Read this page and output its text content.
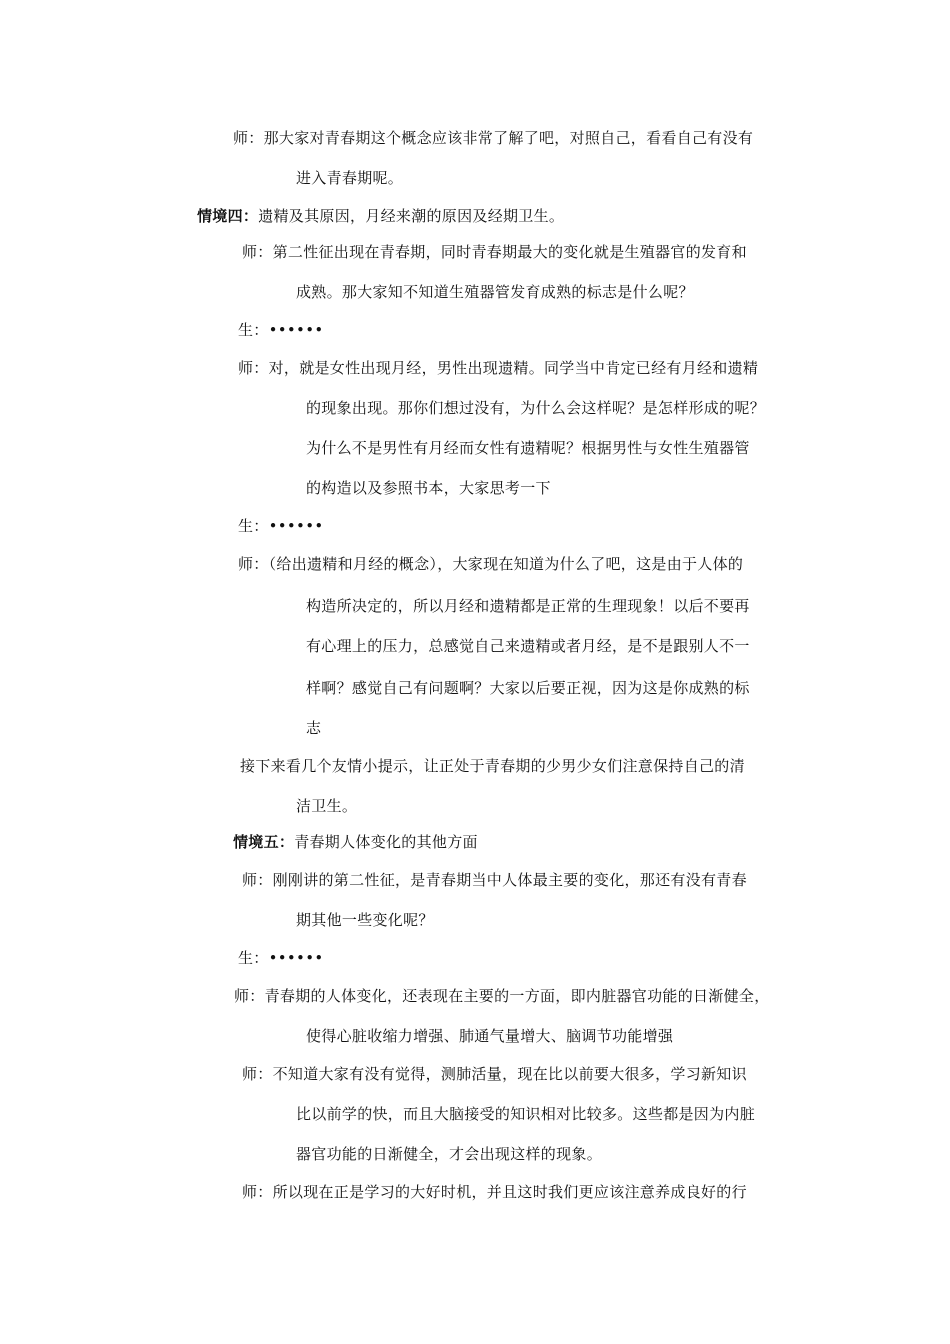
师：那大家对青春期这个概念应该非常了解了吧，对照自己，看看自己有没有
进入青春期呢。
情境四：遗精及其原因，月经来潮的原因及经期卫生。
师：第二性征出现在青春期，同时青春期最大的变化就是生殖器官的发育和
成熟。那大家知不知道生殖器管发育成熟的标志是什么呢？
生：••••••
师：对，就是女性出现月经，男性出现遗精。同学当中肯定已经有月经和遗精
的现象出现。那你们想过没有，为什么会这样呢？是怎样形成的呢？
为什么不是男性有月经而女性有遗精呢？根据男性与女性生殖器管
的构造以及参照书本，大家思考一下
生：••••••
师：（给出遗精和月经的概念），大家现在知道为什么了吧，这是由于人体的
构造所决定的，所以月经和遗精都是正常的生理现象！以后不要再
有心理上的压力，总感觉自己来遗精或者月经，是不是跟别人不一
样啊？感觉自己有问题啊？大家以后要正视，因为这是你成熟的标
志
接下来看几个友情小提示，让正处于青春期的少男少女们注意保持自己的清
洁卫生。
情境五：青春期人体变化的其他方面
师：刚刚讲的第二性征，是青春期当中人体最主要的变化，那还有没有青春
期其他一些变化呢？
生：••••••
师：青春期的人体变化，还表现在主要的一方面，即内脏器官功能的日渐健全，
使得心脏收缩力增强、肺通气量增大、脑调节功能增强
师：不知道大家有没有觉得，测肺活量，现在比以前要大很多，学习新知识
比以前学的快，而且大脑接受的知识相对比较多。这些都是因为内脏
器官功能的日渐健全，才会出现这样的现象。
师：所以现在正是学习的大好时机，并且这时我们更应该注意养成良好的行
